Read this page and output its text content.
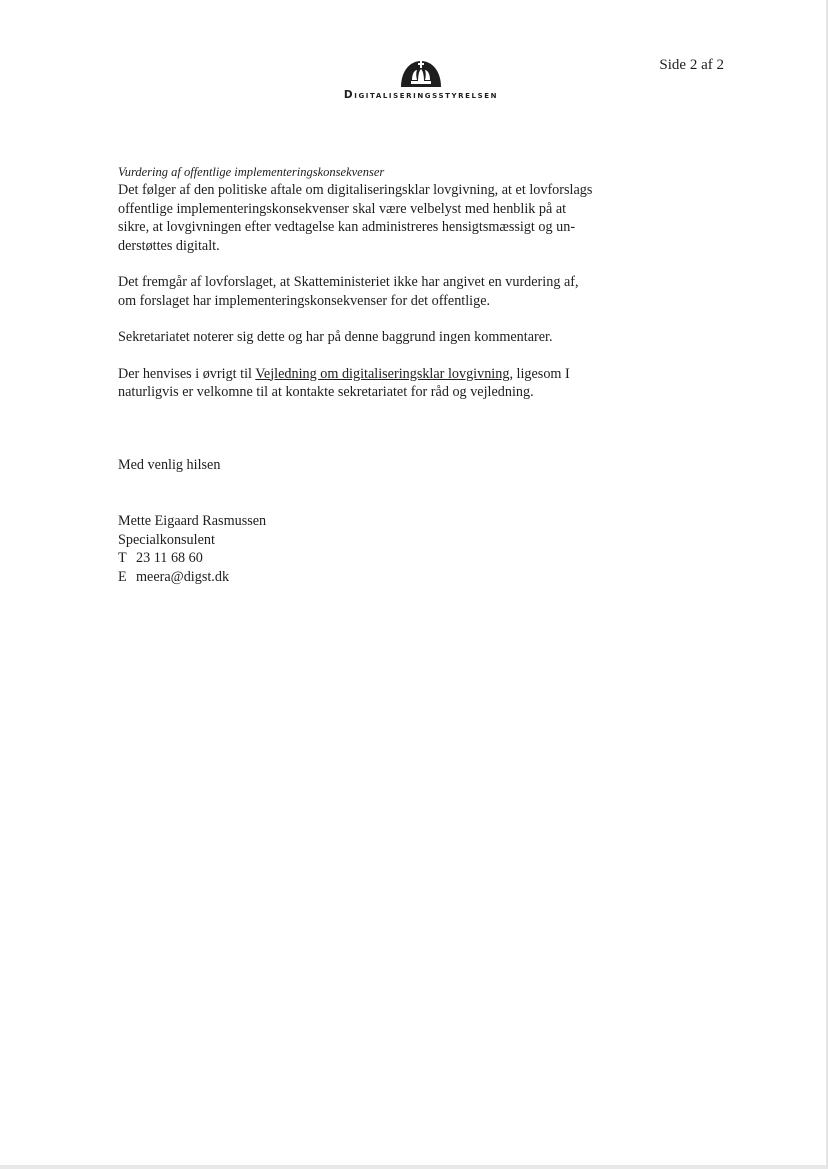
Side 2 af 2
Digitaliseringsstyrelsen
Vurdering af offentlige implementeringskonsekvenser
Det følger af den politiske aftale om digitaliseringsklar lovgivning, at et lovforslags
offentlige implementeringskonsekvenser skal være velbelyst med henblik på at
sikre, at lovgivningen efter vedtagelse kan administreres hensigtsmæssigt og un-
derstøttes digitalt.
Det fremgår af lovforslaget, at Skatteministeriet ikke har angivet en vurdering af,
om forslaget har implementeringskonsekvenser for det offentlige.
Sekretariatet noterer sig dette og har på denne baggrund ingen kommentarer.
Der henvises i øvrigt til Vejledning om digitaliseringsklar lovgivning, ligesom I
naturligvis er velkomne til at kontakte sekretariatet for råd og vejledning.
Med venlig hilsen
Mette Eigaard Rasmussen
Specialkonsulent
T 23 11 68 60
E meera@digst.dk
